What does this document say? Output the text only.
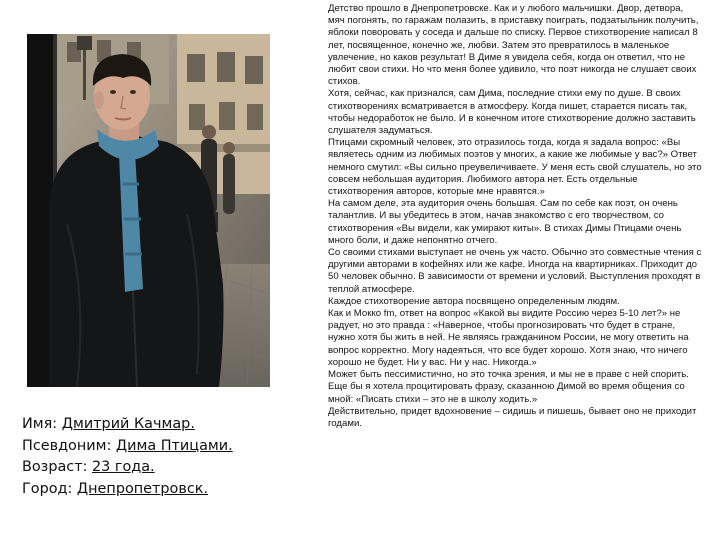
Имя: Дмитрий Качмар.
Псевдоним: Дима Птицами.
Возраст: 23 года.
Город: Днепропетровск.

Детство прошло в Днепропетровске. Как и у любого мальчишки. Двор, детвора, мяч погонять, по гаражам полазить, в приставку поиграть, подзатыльник получить, яблоки поворовать у соседа и дальше по списку. Первое стихотворение написал 8 лет, посвященное, конечно же, любви. Затем это превратилось в маленькое увлечение, но каков результат! В Диме я увидела себя, когда он ответил, что не любит свои стихи. Но что меня более удивило, что поэт никогда не слушает своих стихов.

Хотя, сейчас, как признался, сам Дима, последние стихи ему по душе. В своих стихотворениях всматривается в атмосферу. Когда пишет, старается писать так, чтобы недоработок не было. И в конечном итоге стихотворение должно заставить слушателя задуматься.

Птицами скромный человек, это отразилось тогда, когда я задала вопрос: «Вы являетесь одним из любимых поэтов у многих, а какие же любимые у вас?» Ответ немного смутил: «Вы сильно преувеличиваете. У меня есть свой слушатель, но это совсем небольшая аудитория. Любимого автора нет. Есть отдельные стихотворения авторов, которые мне нравятся.»

На самом деле, эта аудитория очень большая. Сам по себе как поэт, он очень талантлив. И вы убедитесь в этом, начав знакомство с его творчеством, со стихотворения «Вы видели, как умирают киты». В стихах Димы Птицами очень много боли, и даже непонятно отчего.

Со своими стихами выступает не очень уж часто. Обычно это совместные чтения с другими авторами в кофейнях или же кафе. Иногда на квартирниках. Приходит до 50 человек обычно. В зависимости от времени и условий. Выступления проходят в теплой атмосфере.

Каждое стихотворение автора посвящено определенным людям.

Как и Мокко fm, ответ на вопрос «Какой вы видите Россию через 5-10 лет?» не радует, но это правда : «Наверное, чтобы прогнозировать что будет в стране, нужно хотя бы жить в ней. Не являясь гражданином России, не могу ответить на вопрос корректно. Могу надеяться, что все будет хорошо. Хотя знаю, что ничего хорошо не будет. Ни у вас. Ни у нас. Никогда.»

Может быть пессимистично, но это точка зрения, и мы не в праве с ней спорить.

Еще бы я хотела процитировать фразу, сказанною Димой во время общения со мной: «Писать стихи – это не в школу ходить.»

Действительно, придет вдохновение – сидишь и пишешь, бывает оно не приходит годами.
